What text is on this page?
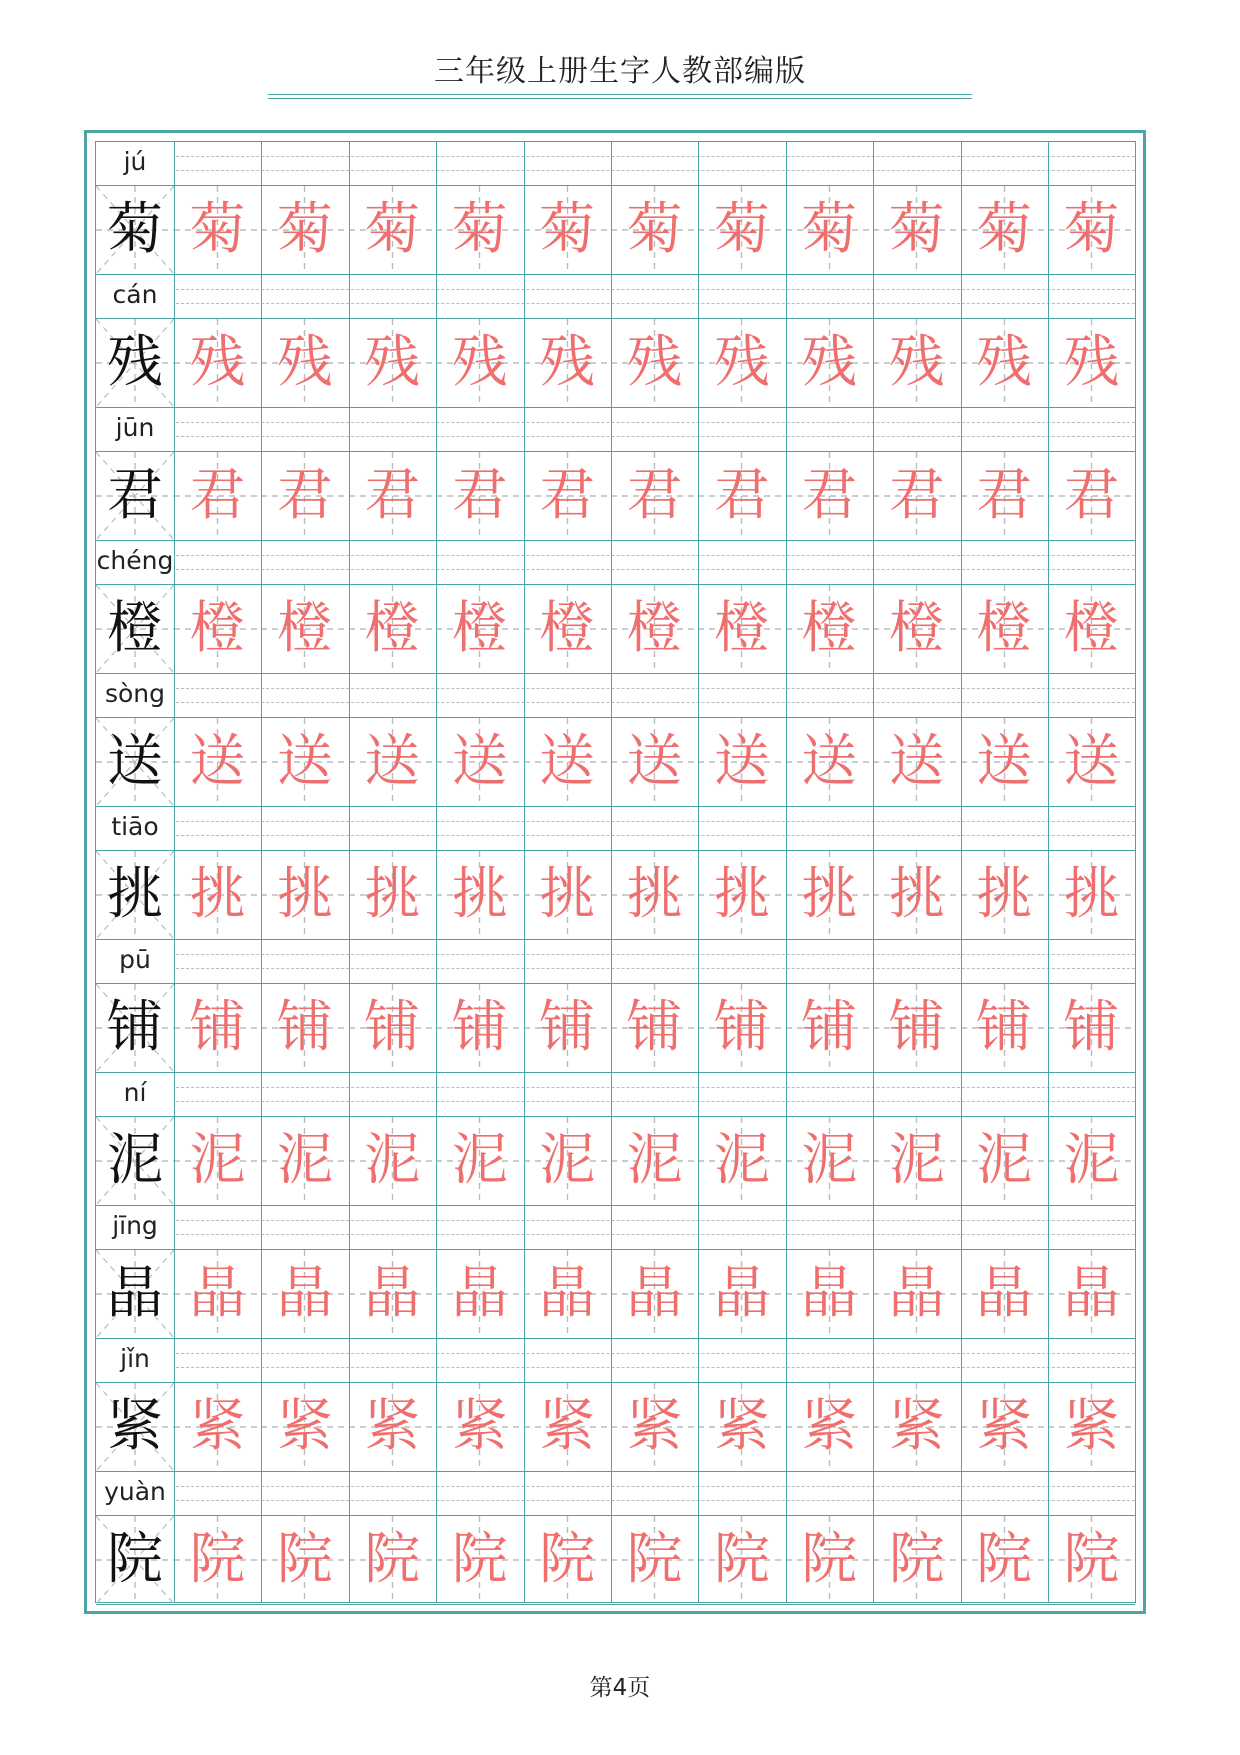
三年级上册生字人教部编版
jú
菊 菊 菊 菊 菊 菊 菊 菊 菊 菊 菊 菊
cán
残 残 残 残 残 残 残 残 残 残 残 残
jūn
君 君 君 君 君 君 君 君 君 君 君 君
chéng
橙 橙 橙 橙 橙 橙 橙 橙 橙 橙 橙 橙
sòng
送 送 送 送 送 送 送 送 送 送 送 送
tiāo
挑 挑 挑 挑 挑 挑 挑 挑 挑 挑 挑 挑
pū
铺 铺 铺 铺 铺 铺 铺 铺 铺 铺 铺 铺
ní
泥 泥 泥 泥 泥 泥 泥 泥 泥 泥 泥 泥
jīng
晶 晶 晶 晶 晶 晶 晶 晶 晶 晶 晶 晶
jǐn
紧 紧 紧 紧 紧 紧 紧 紧 紧 紧 紧 紧
yuàn
院 院 院 院 院 院 院 院 院 院 院 院
第4页
